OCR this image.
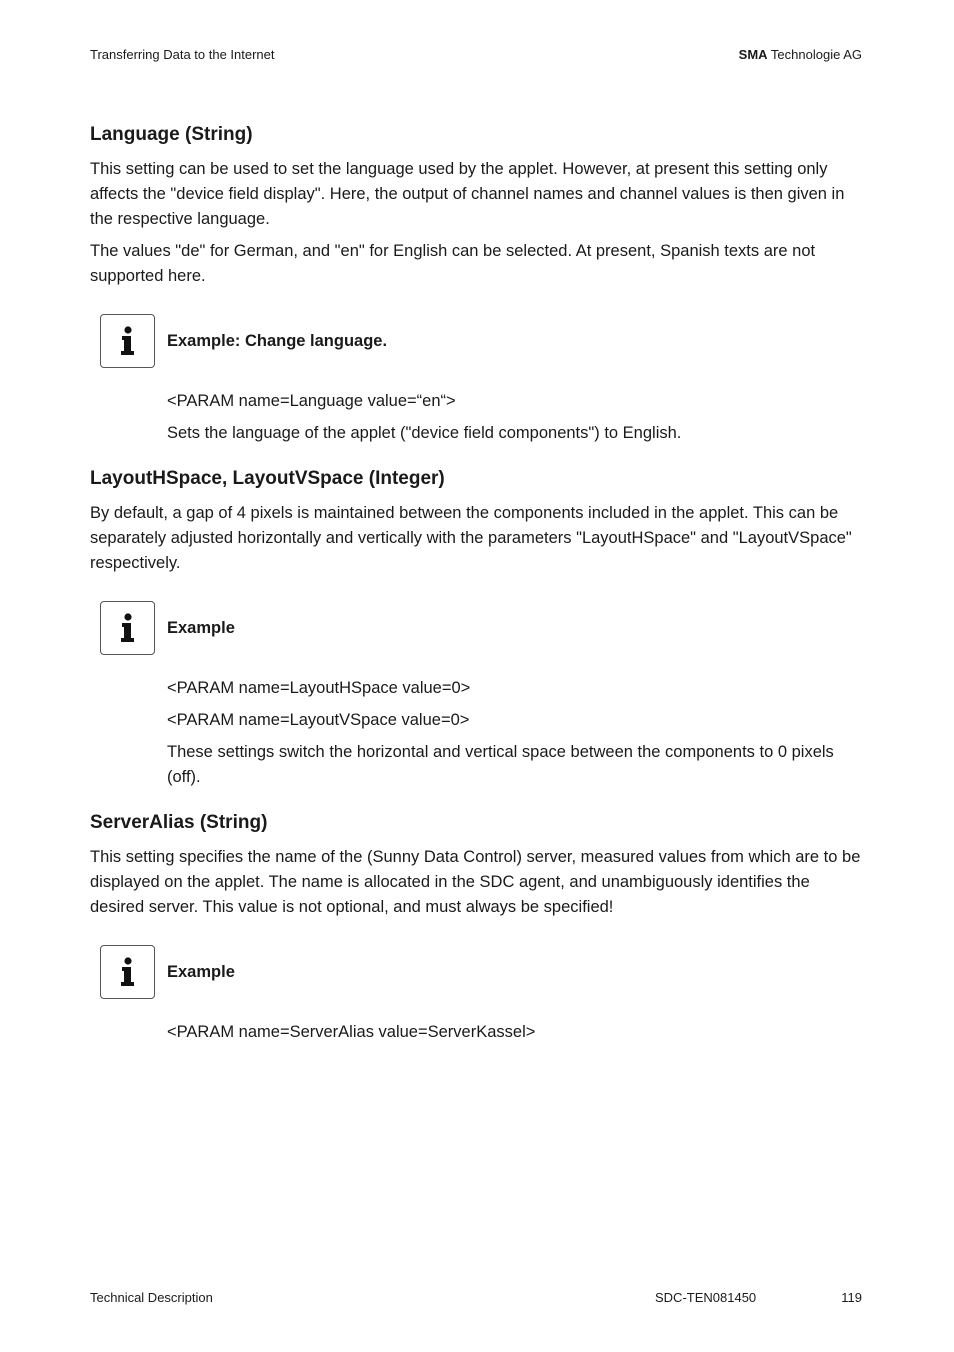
Transferring Data to the Internet	SMA Technologie AG
Language (String)

This setting can be used to set the language used by the applet. However, at present this setting only affects the "device field display". Here, the output of channel names and channel values is then given in the respective language.

The values "de" for German, and "en" for English can be selected. At present, Spanish texts are not supported here.

Example: Change language.

<PARAM name=Language value=“en“>

Sets the language of the applet ("device field components") to English.

LayoutHSpace, LayoutVSpace (Integer)

By default, a gap of 4 pixels is maintained between the components included in the applet. This can be separately adjusted horizontally and vertically with the parameters "LayoutHSpace" and "LayoutVSpace" respectively.

Example

<PARAM name=LayoutHSpace value=0>

<PARAM name=LayoutVSpace value=0>

These settings switch the horizontal and vertical space between the components to 0 pixels (off).

ServerAlias (String)

This setting specifies the name of the (Sunny Data Control) server, measured values from which are to be displayed on the applet. The name is allocated in the SDC agent, and unambiguously identifies the desired server. This value is not optional, and must always be specified!

Example

<PARAM name=ServerAlias value=ServerKassel>

Technical Description	SDC-TEN081450	119
